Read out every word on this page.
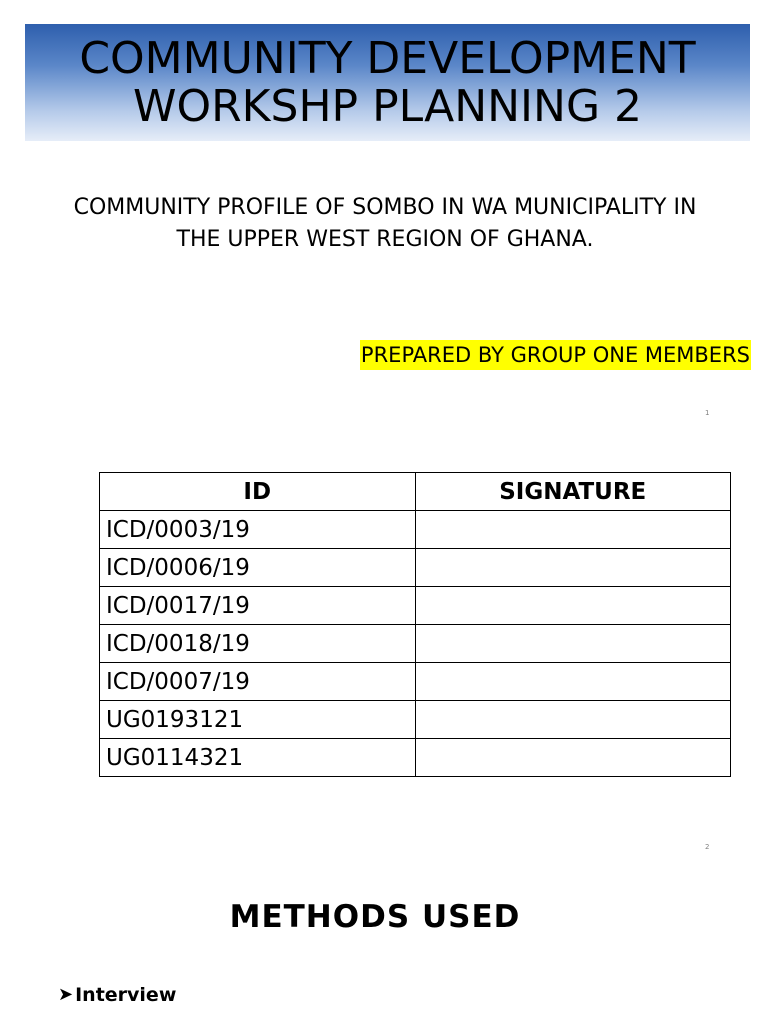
COMMUNITY DEVELOPMENT
WORKSHP PLANNING 2
COMMUNITY PROFILE OF SOMBO IN WA MUNICIPALITY IN
THE UPPER WEST REGION OF GHANA.
PREPARED BY GROUP ONE MEMBERS
1
ID	SIGNATURE
ICD/0003/19	
ICD/0006/19	
ICD/0017/19	
ICD/0018/19	
ICD/0007/19	
UG0193121	
UG0114321	
2
METHODS USED
➤ Interview
